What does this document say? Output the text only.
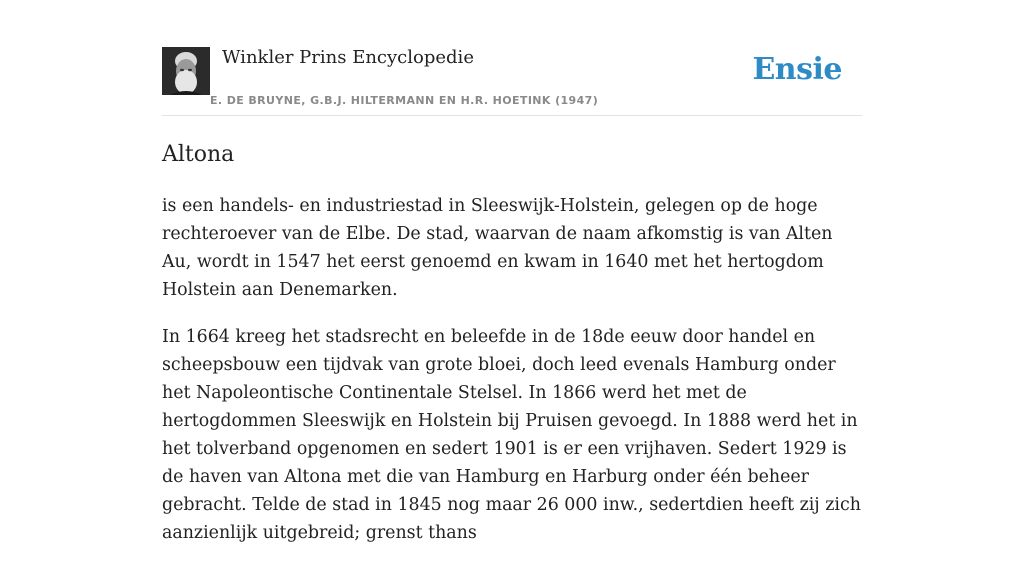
Winkler Prins Encyclopedie
E. DE BRUYNE, G.B.J. HILTERMANN EN H.R. HOETINK (1947)
Ensie
Altona

is een handels- en industriestad in Sleeswijk-Holstein, gelegen op de hoge rechteroever van de Elbe. De stad, waarvan de naam afkomstig is van Alten Au, wordt in 1547 het eerst genoemd en kwam in 1640 met het hertogdom Holstein aan Denemarken.

In 1664 kreeg het stadsrecht en beleefde in de 18de eeuw door handel en scheepsbouw een tijdvak van grote bloei, doch leed evenals Hamburg onder het Napoleontische Continentale Stelsel. In 1866 werd het met de hertogdommen Sleeswijk en Holstein bij Pruisen gevoegd. In 1888 werd het in het tolverband opgenomen en sedert 1901 is er een vrijhaven. Sedert 1929 is de haven van Altona met die van Hamburg en Harburg onder één beheer gebracht. Telde de stad in 1845 nog maar 26 000 inw., sedertdien heeft zij zich aanzienlijk uitgebreid; grenst thans
